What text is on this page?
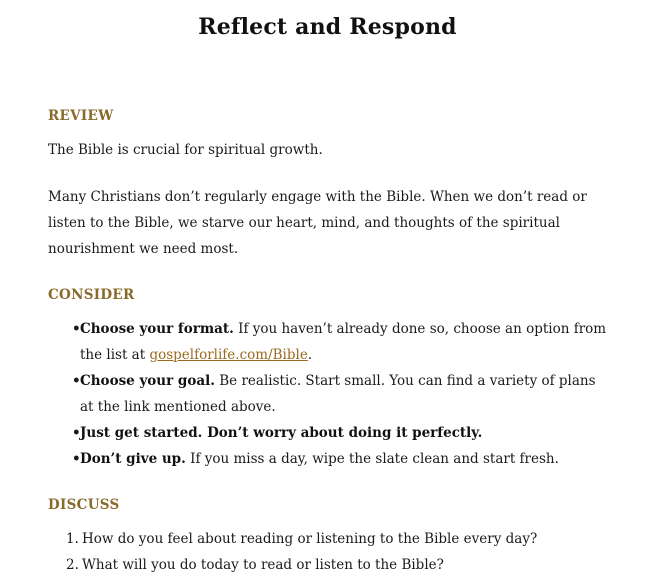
Reflect and Respond
REVIEW

The Bible is crucial for spiritual growth.

Many Christians don’t regularly engage with the Bible. When we don’t read or listen to the Bible, we starve our heart, mind, and thoughts of the spiritual nourishment we need most.

CONSIDER
•Choose your format. If you haven’t already done so, choose an option from the list at gospelforlife.com/Bible.
•Choose your goal. Be realistic. Start small. You can find a variety of plans at the link mentioned above.
•Just get started. Don’t worry about doing it perfectly.
•Don’t give up. If you miss a day, wipe the slate clean and start fresh.
DISCUSS
1. How do you feel about reading or listening to the Bible every day?
2. What will you do today to read or listen to the Bible?
